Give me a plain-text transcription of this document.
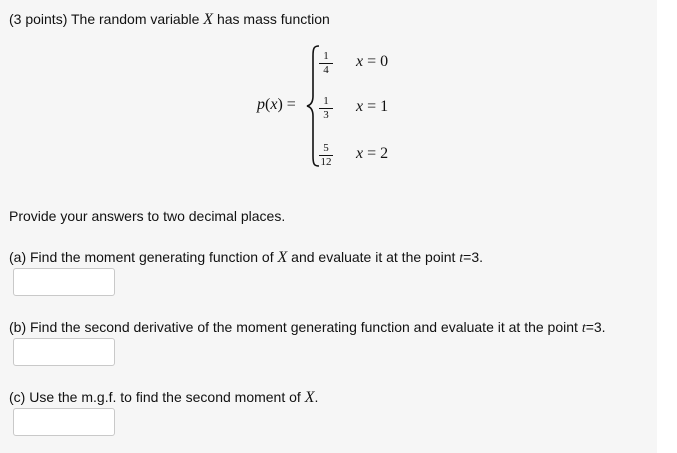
(3 points) The random variable X has mass function
p(x) =
1
4	x = 0
1
3	x = 1
5
12 x = 2
Provide your answers to two decimal places.
(a) Find the moment generating function of X and evaluate it at the point t=3.
(b) Find the second derivative of the moment generating function and evaluate it at the point t=3.
(c) Use the m.g.f. to find the second moment of X.
